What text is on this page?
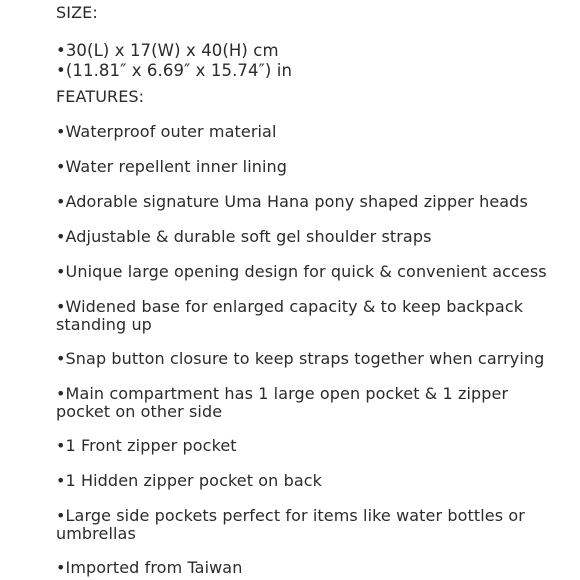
SIZE:
•30(L) x 17(W) x 40(H) cm
•(11.81″ x 6.69″ x 15.74″) in
FEATURES:
•Waterproof outer material
•Water repellent inner lining
•Adorable signature Uma Hana pony shaped zipper heads
•Adjustable & durable soft gel shoulder straps
•Unique large opening design for quick & convenient access
•Widened base for enlarged capacity & to keep backpack standing up
•Snap button closure to keep straps together when carrying
•Main compartment has 1 large open pocket & 1 zipper pocket on other side
•1 Front zipper pocket
•1 Hidden zipper pocket on back
•Large side pockets perfect for items like water bottles or umbrellas
•Imported from Taiwan
